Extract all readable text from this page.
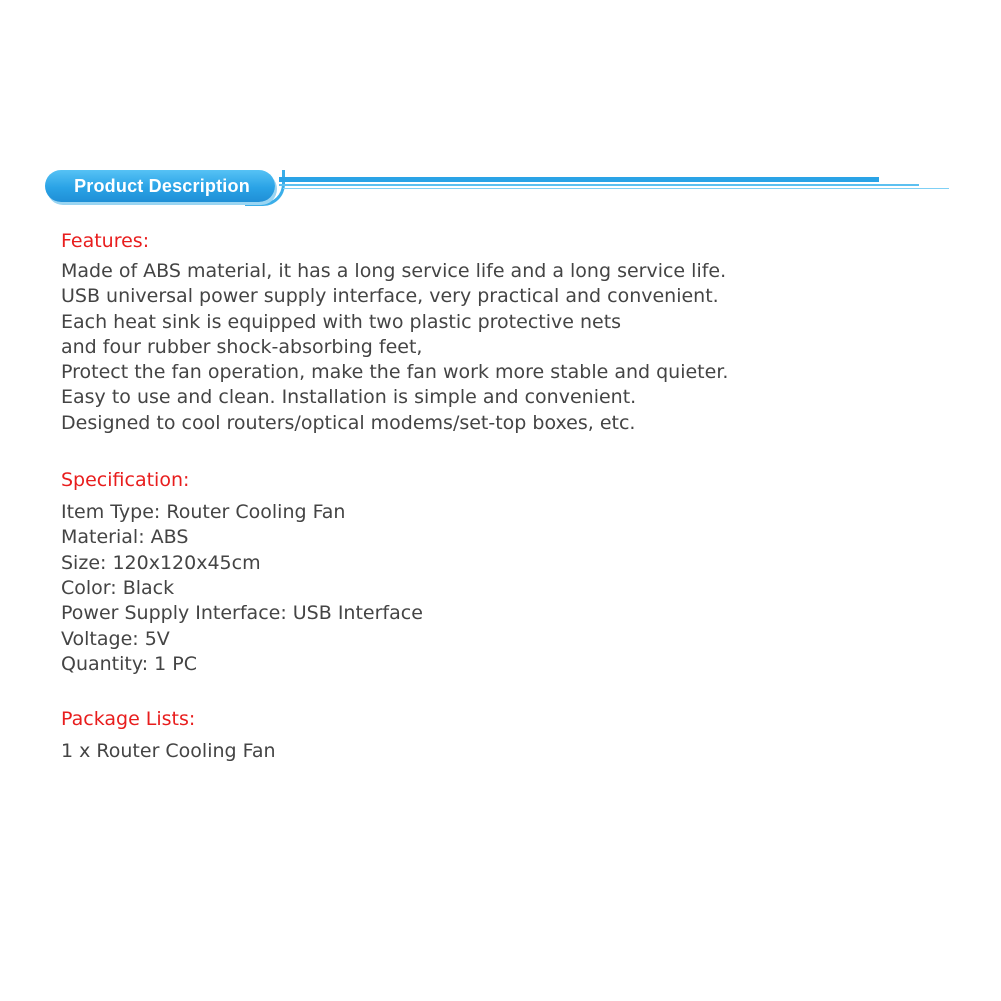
Product Description
Features:
Made of ABS material, it has a long service life and a long service life.
USB universal power supply interface, very practical and convenient.
Each heat sink is equipped with two plastic protective nets
and four rubber shock-absorbing feet,
Protect the fan operation, make the fan work more stable and quieter.
Easy to use and clean. Installation is simple and convenient.
Designed to cool routers/optical modems/set-top boxes, etc.
Specification:
Item Type: Router Cooling Fan
Material: ABS
Size: 120x120x45cm
Color: Black
Power Supply Interface: USB Interface
Voltage: 5V
Quantity: 1 PC
Package Lists:
1 x Router Cooling Fan
